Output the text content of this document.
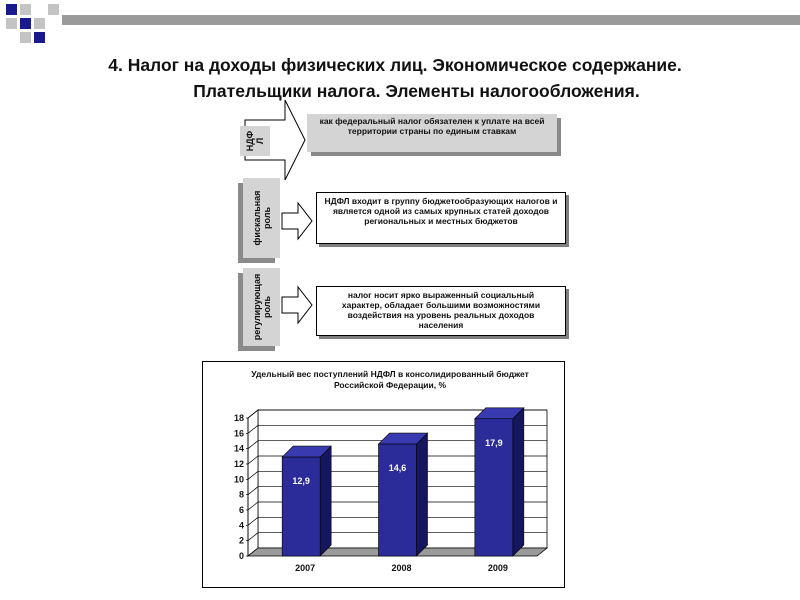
4. Налог на доходы физических лиц. Экономическое содержание.
Плательщики налога. Элементы налогообложения.
НДФ
Л
как федеральный налог обязателен к уплате на всей территории страны по единым ставкам
фискальная
роль
НДФЛ входит в группу бюджетообразующих налогов и является одной из самых крупных статей доходов региональных и местных бюджетов
регулирующая
роль
налог носит ярко выраженный социальный характер, обладает большими возможностями воздействия на уровень реальных доходов населения
Удельный вес поступлений НДФЛ в консолидированный бюджет Российской Федерации, %
0
2
4
6
8
10
12
14
16
18
12,9
2007
14,6
2008
17,9
2009
